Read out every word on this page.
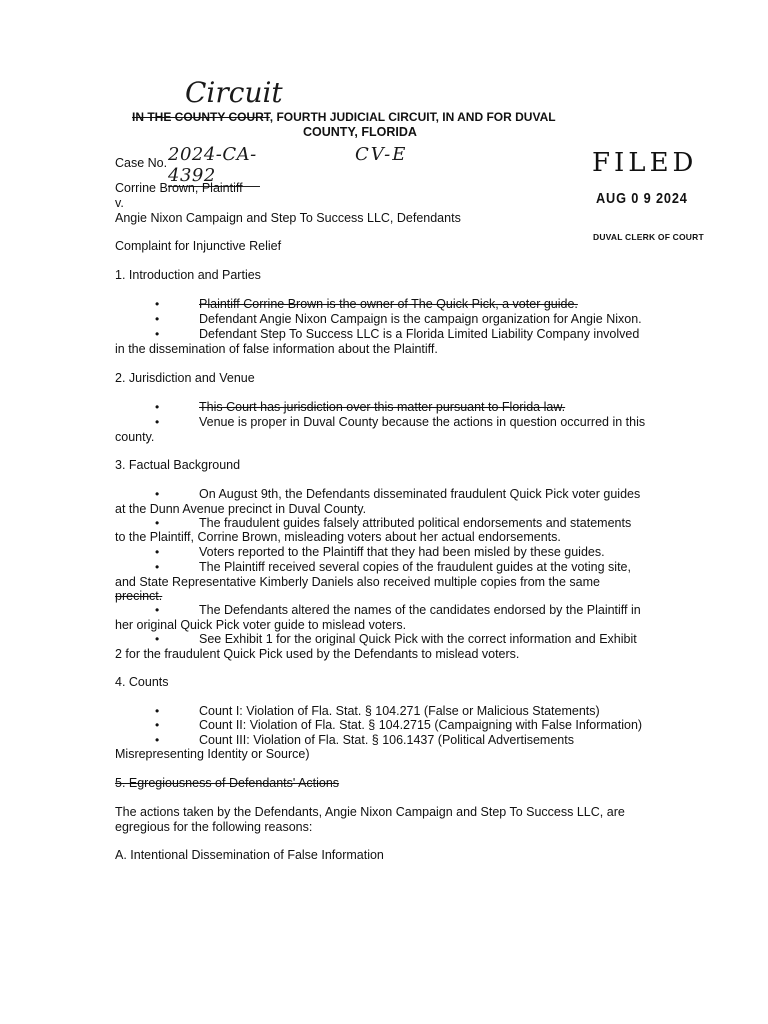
Circuit
IN THE COUNTY COURT, FOURTH JUDICIAL CIRCUIT, IN AND FOR DUVAL
COUNTY, FLORIDA
FILED
AUG 0 9 2024
DUVAL CLERK OF COURT
Case No. 2024-CA-4392
CV-E
Corrine Brown, Plaintiff
v.
Angie Nixon Campaign and Step To Success LLC, Defendants
Complaint for Injunctive Relief
1. Introduction and Parties
•	Plaintiff Corrine Brown is the owner of The Quick Pick, a voter guide.
•	Defendant Angie Nixon Campaign is the campaign organization for Angie Nixon.
•	Defendant Step To Success LLC is a Florida Limited Liability Company involved
in the dissemination of false information about the Plaintiff.
2. Jurisdiction and Venue
•	This Court has jurisdiction over this matter pursuant to Florida law.
•	Venue is proper in Duval County because the actions in question occurred in this
county.
3. Factual Background
•	On August 9th, the Defendants disseminated fraudulent Quick Pick voter guides
at the Dunn Avenue precinct in Duval County.
•	The fraudulent guides falsely attributed political endorsements and statements
to the Plaintiff, Corrine Brown, misleading voters about her actual endorsements.
•	Voters reported to the Plaintiff that they had been misled by these guides.
•	The Plaintiff received several copies of the fraudulent guides at the voting site,
and State Representative Kimberly Daniels also received multiple copies from the same
precinct.
•	The Defendants altered the names of the candidates endorsed by the Plaintiff in
her original Quick Pick voter guide to mislead voters.
•	See Exhibit 1 for the original Quick Pick with the correct information and Exhibit
2 for the fraudulent Quick Pick used by the Defendants to mislead voters.
4. Counts
•	Count I: Violation of Fla. Stat. § 104.271 (False or Malicious Statements)
•	Count II: Violation of Fla. Stat. § 104.2715 (Campaigning with False Information)
•	Count III: Violation of Fla. Stat. § 106.1437 (Political Advertisements
Misrepresenting Identity or Source)
5. Egregiousness of Defendants' Actions
The actions taken by the Defendants, Angie Nixon Campaign and Step To Success LLC, are
egregious for the following reasons:
A. Intentional Dissemination of False Information
